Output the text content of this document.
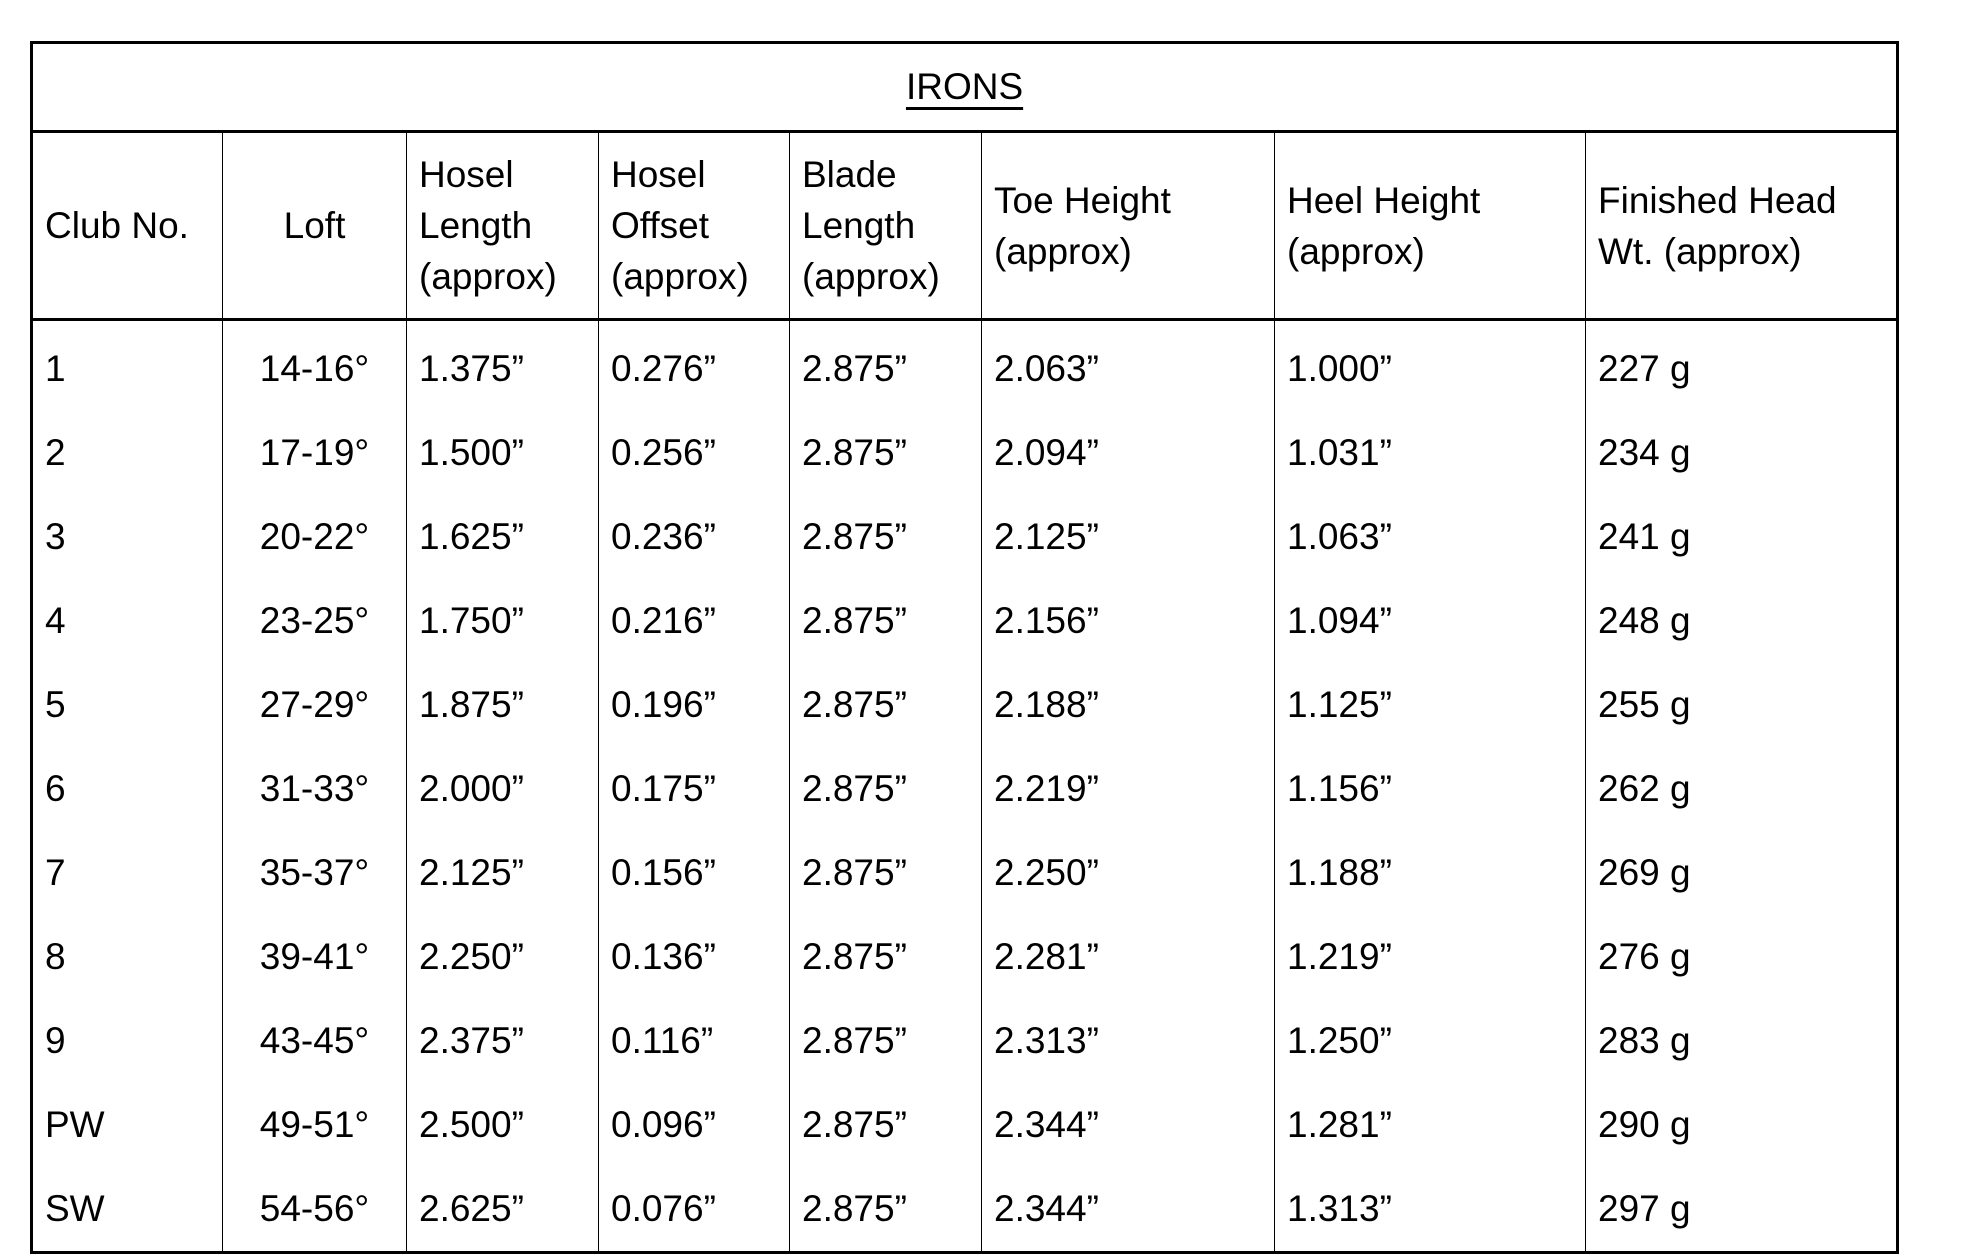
IRONS
Club No.	Loft	Hosel
Length
(approx)	Hosel
Offset
(approx)	Blade
Length
(approx)	Toe Height
(approx)	Heel Height
(approx)	Finished Head
Wt. (approx)
1	14-16°	1.375”	0.276”	2.875”	2.063”	1.000”	227 g
2	17-19°	1.500”	0.256”	2.875”	2.094”	1.031”	234 g
3	20-22°	1.625”	0.236”	2.875”	2.125”	1.063”	241 g
4	23-25°	1.750”	0.216”	2.875”	2.156”	1.094”	248 g
5	27-29°	1.875”	0.196”	2.875”	2.188”	1.125”	255 g
6	31-33°	2.000”	0.175”	2.875”	2.219”	1.156”	262 g
7	35-37°	2.125”	0.156”	2.875”	2.250”	1.188”	269 g
8	39-41°	2.250”	0.136”	2.875”	2.281”	1.219”	276 g
9	43-45°	2.375”	0.116”	2.875”	2.313”	1.250”	283 g
PW	49-51°	2.500”	0.096”	2.875”	2.344”	1.281”	290 g
SW	54-56°	2.625”	0.076”	2.875”	2.344”	1.313”	297 g
